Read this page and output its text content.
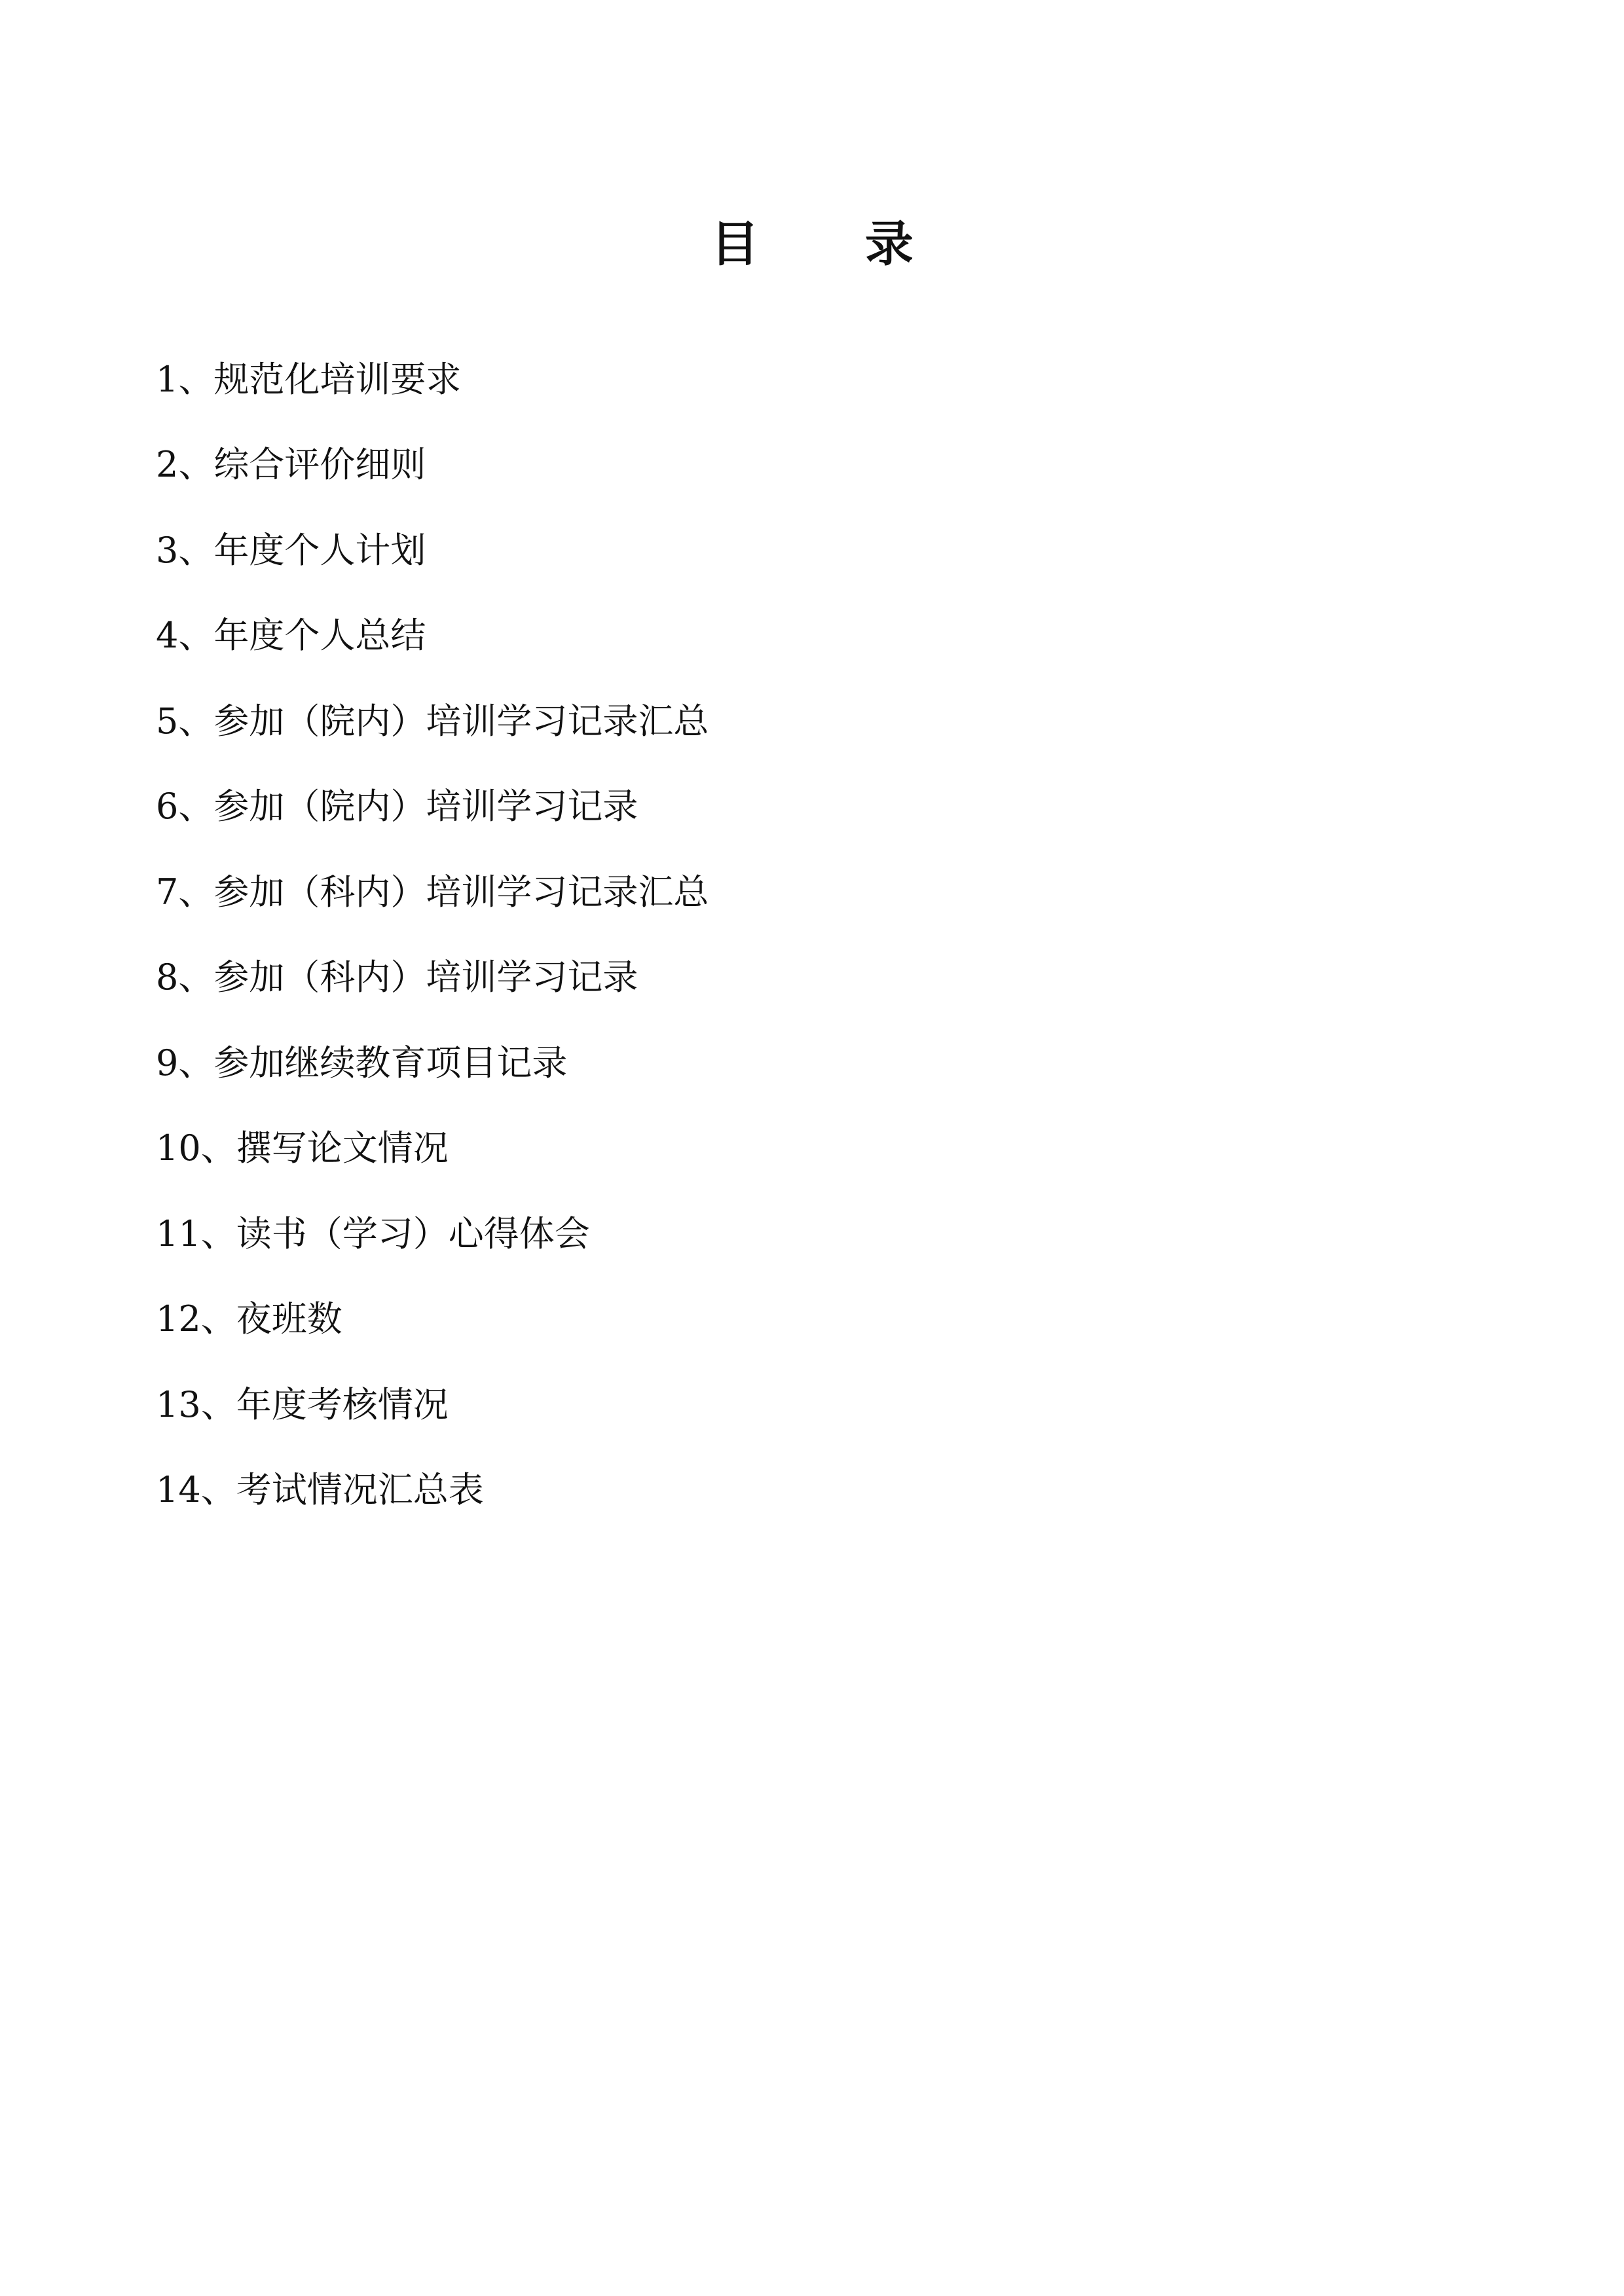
目 录
1、规范化培训要求
2、综合评价细则
3、年度个人计划
4、年度个人总结
5、参加（院内）培训学习记录汇总
6、参加（院内）培训学习记录
7、参加（科内）培训学习记录汇总
8、参加（科内）培训学习记录
9、参加继续教育项目记录
10、撰写论文情况
11、读书（学习）心得体会
12、夜班数
13、年度考核情况
14、考试情况汇总表
